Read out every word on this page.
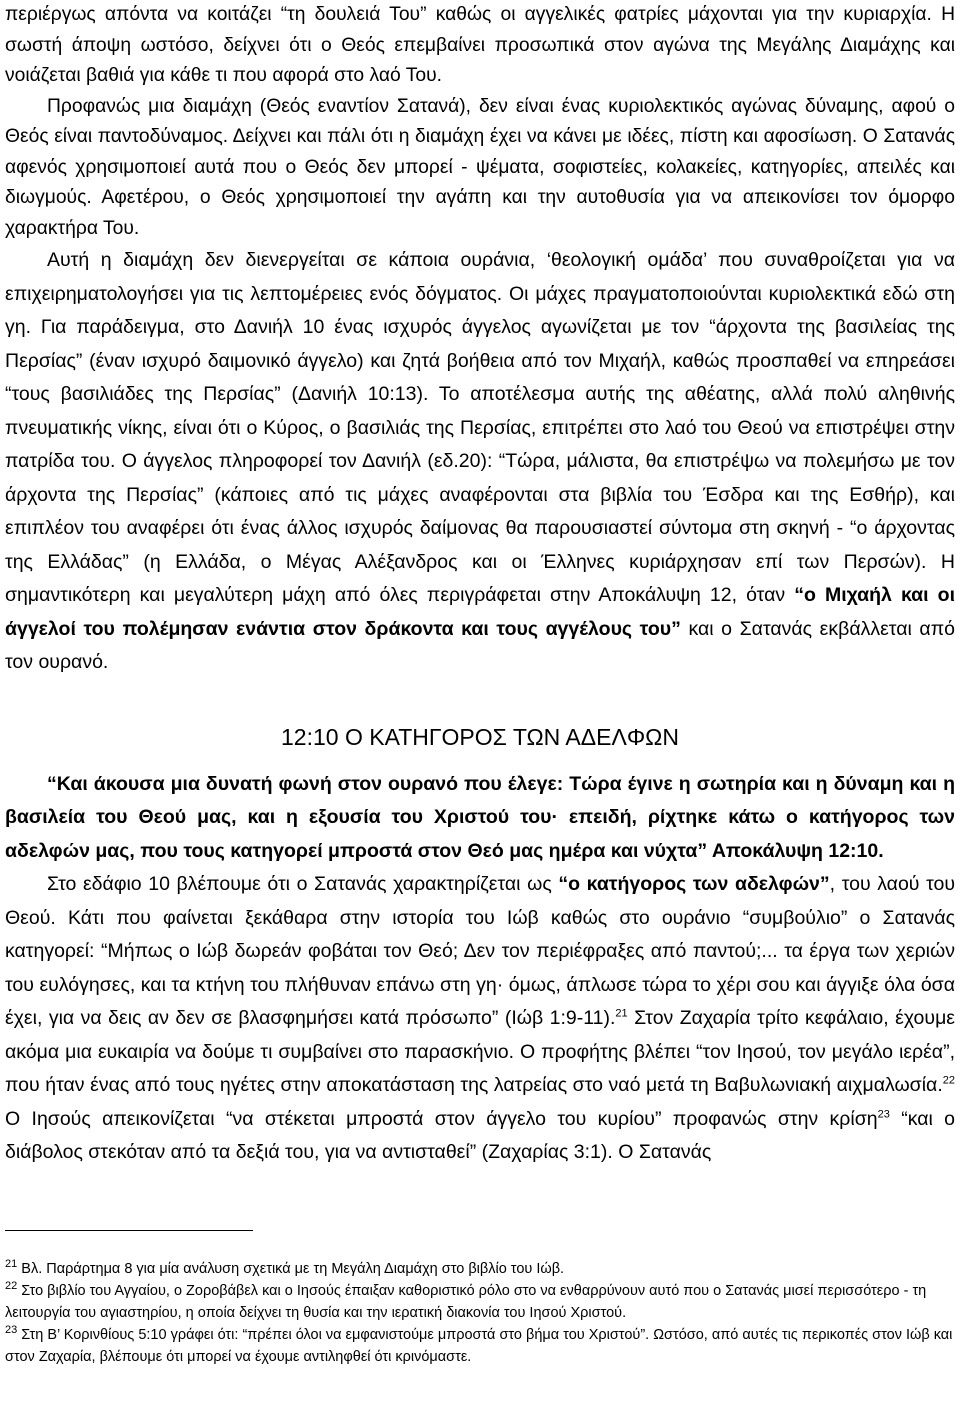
περιέργως απόντα να κοιτάζει “τη δουλειά Του” καθώς οι αγγελικές φατρίες μάχονται για την κυριαρχία. Η σωστή άποψη ωστόσο, δείχνει ότι ο Θεός επεμβαίνει προσωπικά στον αγώνα της Μεγάλης Διαμάχης και νοιάζεται βαθιά για κάθε τι που αφορά στο λαό Του.

Προφανώς μια διαμάχη (Θεός εναντίον Σατανά), δεν είναι ένας κυριολεκτικός αγώνας δύναμης, αφού ο Θεός είναι παντοδύναμος. Δείχνει και πάλι ότι η διαμάχη έχει να κάνει με ιδέες, πίστη και αφοσίωση. Ο Σατανάς αφενός χρησιμοποιεί αυτά που ο Θεός δεν μπορεί - ψέματα, σοφιστείες, κολακείες, κατηγορίες, απειλές και διωγμούς. Αφετέρου, ο Θεός χρησιμοποιεί την αγάπη και την αυτοθυσία για να απεικονίσει τον όμορφο χαρακτήρα Του.

Αυτή η διαμάχη δεν διενεργείται σε κάποια ουράνια, ‘θεολογική ομάδα’ που συναθροίζεται για να επιχειρηματολογήσει για τις λεπτομέρειες ενός δόγματος. Οι μάχες πραγματοποιούνται κυριολεκτικά εδώ στη γη. Για παράδειγμα, στο Δανιήλ 10 ένας ισχυρός άγγελος αγωνίζεται με τον “άρχοντα της βασιλείας της Περσίας” (έναν ισχυρό δαιμονικό άγγελο) και ζητά βοήθεια από τον Μιχαήλ, καθώς προσπαθεί να επηρεάσει “τους βασιλιάδες της Περσίας” (Δανιήλ 10:13). Το αποτέλεσμα αυτής της αθέατης, αλλά πολύ αληθινής πνευματικής νίκης, είναι ότι ο Κύρος, ο βασιλιάς της Περσίας, επιτρέπει στο λαό του Θεού να επιστρέψει στην πατρίδα του. Ο άγγελος πληροφορεί τον Δανιήλ (εδ.20): “Τώρα, μάλιστα, θα επιστρέψω να πολεμήσω με τον άρχοντα της Περσίας” (κάποιες από τις μάχες αναφέρονται στα βιβλία του Έσδρα και της Εσθήρ), και επιπλέον του αναφέρει ότι ένας άλλος ισχυρός δαίμονας θα παρουσιαστεί σύντομα στη σκηνή - “ο άρχοντας της Ελλάδας” (η Ελλάδα, ο Μέγας Αλέξανδρος και οι Έλληνες κυριάρχησαν επί των Περσών). Η σημαντικότερη και μεγαλύτερη μάχη από όλες περιγράφεται στην Αποκάλυψη 12, όταν “ο Μιχαήλ και οι άγγελοί του πολέμησαν ενάντια στον δράκοντα και τους αγγέλους του” και ο Σατανάς εκβάλλεται από τον ουρανό.

12:10 Ο ΚΑΤΗΓΟΡΟΣ ΤΩΝ ΑΔΕΛΦΩΝ

“Και άκουσα μια δυνατή φωνή στον ουρανό που έλεγε: Τώρα έγινε η σωτηρία και η δύναμη και η βασιλεία του Θεού μας, και η εξουσία του Χριστού του· επειδή, ρίχτηκε κάτω ο κατήγορος των αδελφών μας, που τους κατηγορεί μπροστά στον Θεό μας ημέρα και νύχτα” Αποκάλυψη 12:10.

Στο εδάφιο 10 βλέπουμε ότι ο Σατανάς χαρακτηρίζεται ως “ο κατήγορος των αδελφών”, του λαού του Θεού. Κάτι που φαίνεται ξεκάθαρα στην ιστορία του Ιώβ καθώς στο ουράνιο “συμβούλιο” ο Σατανάς κατηγορεί: “Μήπως ο Ιώβ δωρεάν φοβάται τον Θεό; Δεν τον περιέφραξες από παντού;... τα έργα των χεριών του ευλόγησες, και τα κτήνη του πλήθυναν επάνω στη γη· όμως, άπλωσε τώρα το χέρι σου και άγγιξε όλα όσα έχει, για να δεις αν δεν σε βλασφημήσει κατά πρόσωπο” (Ιώβ 1:9-11).$^{21}$ Στον Ζαχαρία τρίτο κεφάλαιο, έχουμε ακόμα μια ευκαιρία να δούμε τι συμβαίνει στο παρασκήνιο. Ο προφήτης βλέπει “τον Ιησού, τον μεγάλο ιερέα”, που ήταν ένας από τους ηγέτες στην αποκατάσταση της λατρείας στο ναό μετά τη Βαβυλωνιακή αιχμαλωσία.$^{22}$ Ο Ιησούς απεικονίζεται “να στέκεται μπροστά στον άγγελο του κυρίου” προφανώς στην κρίση$^{23}$ “και ο διάβολος στεκόταν από τα δεξιά του, για να αντισταθεί” (Ζαχαρίας 3:1). Ο Σατανάς

$^{21}$ Βλ. Παράρτημα 8 για μία ανάλυση σχετικά με τη Μεγάλη Διαμάχη στο βιβλίο του Ιώβ.

$^{22}$ Στο βιβλίο του Αγγαίου, ο Ζοροβάβελ και ο Ιησούς έπαιξαν καθοριστικό ρόλο στο να ενθαρρύνουν αυτό που ο Σατανάς μισεί περισσότερο - τη λειτουργία του αγιαστηρίου, η οποία δείχνει τη θυσία και την ιερατική διακονία του Ιησού Χριστού.

$^{23}$ Στη Β’ Κορινθίους 5:10 γράφει ότι: “πρέπει όλοι να εμφανιστούμε μπροστά στο βήμα του Χριστού”. Ωστόσο, από αυτές τις περικοπές στον Ιώβ και στον Ζαχαρία, βλέπουμε ότι μπορεί να έχουμε αντιληφθεί ότι κρινόμαστε.
